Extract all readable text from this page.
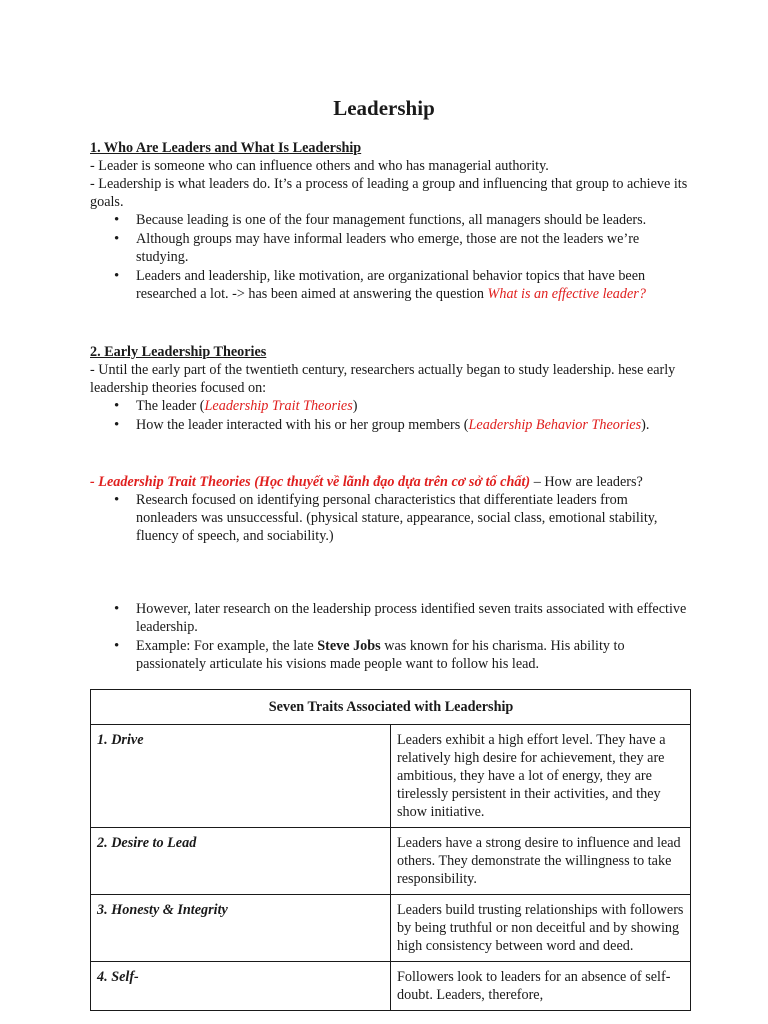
Leadership
1. Who Are Leaders and What Is Leadership

- Leader is someone who can influence others and who has managerial authority.

- Leadership is what leaders do. It’s a process of leading a group and influencing that group to achieve its goals.

• Because leading is one of the four management functions, all managers should be leaders.
• Although groups may have informal leaders who emerge, those are not the leaders we’re studying.
• Leaders and leadership, like motivation, are organizational behavior topics that have been researched a lot. -> has been aimed at answering the question What is an effective leader?
2. Early Leadership Theories

- Until the early part of the twentieth century, researchers actually began to study leadership. hese early leadership theories focused on:

• The leader (Leadership Trait Theories)
• How the leader interacted with his or her group members (Leadership Behavior Theories).

- Leadership Trait Theories (Học thuyết về lãnh đạo dựa trên cơ sở tố chất) – How are leaders?

• Research focused on identifying personal characteristics that differentiate leaders from nonleaders was unsuccessful. (physical stature, appearance, social class, emotional stability, fluency of speech, and sociability.)
• However, later research on the leadership process identified seven traits associated with effective leadership.
• Example: For example, the late Steve Jobs was known for his charisma. His ability to passionately articulate his visions made people want to follow his lead.
Seven Traits Associated with Leadership	
1. Drive	Leaders exhibit a high effort level. They have a relatively high desire for achievement, they are ambitious, they have a lot of energy, they are tirelessly persistent in their activities, and they show initiative.
2. Desire to Lead	Leaders have a strong desire to influence and lead others. They demonstrate the willingness to take responsibility.
3. Honesty & Integrity	Leaders build trusting relationships with followers by being truthful or non deceitful and by showing high consistency between word and deed.
4. Self-	Followers look to leaders for an absence of self-doubt. Leaders, therefore,
